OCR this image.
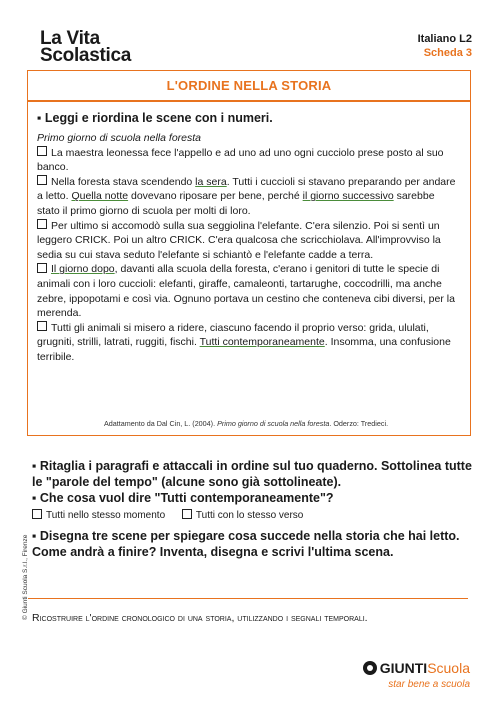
La Vita
Scolastica
Italiano L2
Scheda 3
L'ORDINE NELLA STORIA
▪ Leggi e riordina le scene con i numeri.
Primo giorno di scuola nella foresta
La maestra leonessa fece l'appello e ad uno ad uno ogni cucciolo prese posto al suo banco.
Nella foresta stava scendendo la sera. Tutti i cuccioli si stavano preparando per andare a letto. Quella notte dovevano riposare per bene, perché il giorno successivo sarebbe stato il primo giorno di scuola per molti di loro.
Per ultimo si accomodò sulla sua seggiolina l'elefante. C'era silenzio. Poi si sentì un leggero CRICK. Poi un altro CRICK. C'era qualcosa che scricchiolava. All'improvviso la sedia su cui stava seduto l'elefante si schiantò e l'elefante cadde a terra.
Il giorno dopo, davanti alla scuola della foresta, c'erano i genitori di tutte le specie di animali con i loro cuccioli: elefanti, giraffe, camaleonti, tartarughe, coccodrilli, ma anche zebre, ippopotami e così via. Ognuno portava un cestino che conteneva cibi diversi, per la merenda.
Tutti gli animali si misero a ridere, ciascuno facendo il proprio verso: grida, ululati, grugniti, strilli, latrati, ruggiti, fischi. Tutti contemporaneamente. Insomma, una confusione terribile.
Adattamento da Dal Cin, L. (2004). Primo giorno di scuola nella foresta. Oderzo: Tredieci.
▪ Ritaglia i paragrafi e attaccali in ordine sul tuo quaderno. Sottolinea tutte le "parole del tempo" (alcune sono già sottolineate).
▪ Che cosa vuol dire "Tutti contemporaneamente"?
Tutti nello stesso momento	Tutti con lo stesso verso
▪ Disegna tre scene per spiegare cosa succede nella storia che hai letto. Come andrà a finire? Inventa, disegna e scrivi l'ultima scena.
Ricostruire l'ordine cronologico di una storia, utilizzando i segnali temporali.
© Giunti Scuola S.r.l., Firenze
GIUNTIScuola
star bene a scuola
